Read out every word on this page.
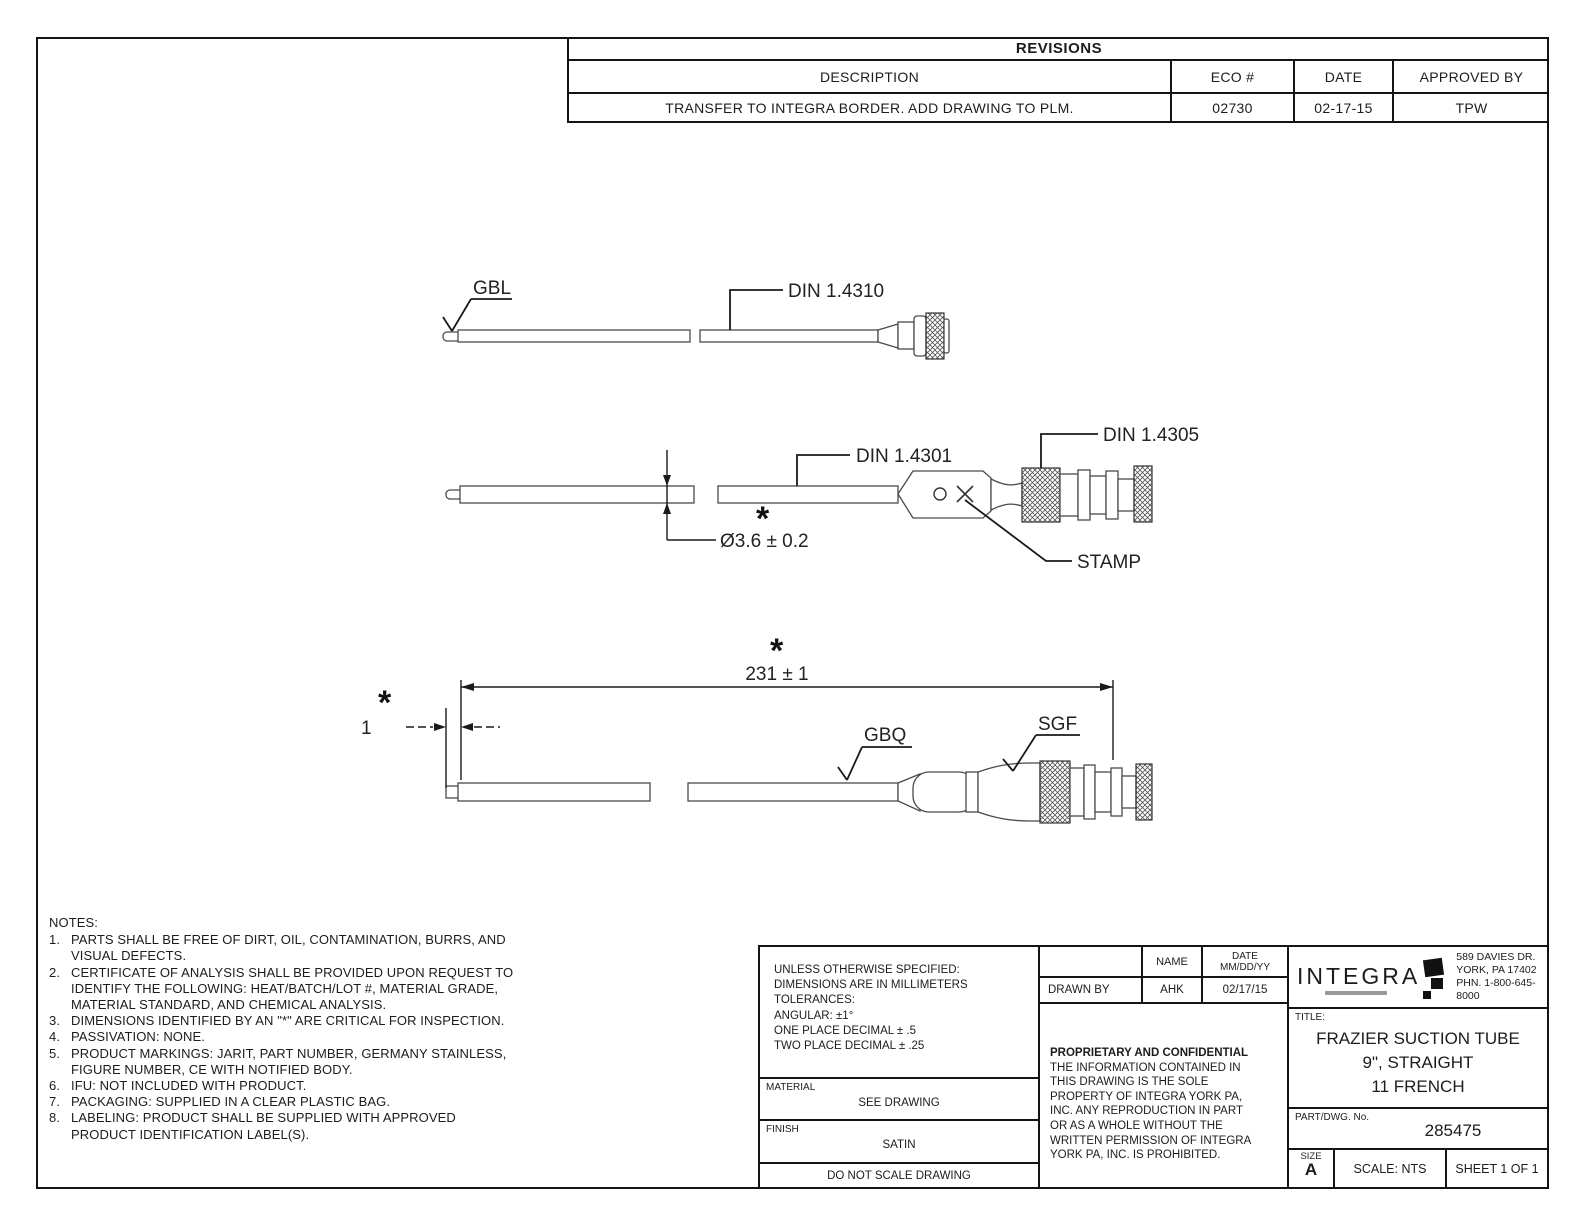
GBL	DIN 1.4310
DIN 1.4301
DIN 1.4305
STAMP
Ø3.6 ± 0.2
*
231 ± 1
*
1
*
GBQ
SGF
REVISIONS
DESCRIPTION	ECO #	DATE	APPROVED BY
TRANSFER TO INTEGRA BORDER. ADD DRAWING TO PLM.	02730	02-17-15	TPW
NOTES:
1. PARTS SHALL BE FREE OF DIRT, OIL, CONTAMINATION, BURRS, AND VISUAL DEFECTS.
2. CERTIFICATE OF ANALYSIS SHALL BE PROVIDED UPON REQUEST TO IDENTIFY THE FOLLOWING: HEAT/BATCH/LOT #, MATERIAL GRADE, MATERIAL STANDARD, AND CHEMICAL ANALYSIS.
3. DIMENSIONS IDENTIFIED BY AN "*" ARE CRITICAL FOR INSPECTION.
4. PASSIVATION: NONE.
5. PRODUCT MARKINGS: JARIT, PART NUMBER, GERMANY STAINLESS, FIGURE NUMBER, CE WITH NOTIFIED BODY.
6. IFU: NOT INCLUDED WITH PRODUCT.
7. PACKAGING: SUPPLIED IN A CLEAR PLASTIC BAG.
8. LABELING: PRODUCT SHALL BE SUPPLIED WITH APPROVED PRODUCT IDENTIFICATION LABEL(S).
UNLESS OTHERWISE SPECIFIED:
DIMENSIONS ARE IN MILLIMETERS
TOLERANCES:
ANGULAR: ±1°
ONE PLACE DECIMAL ± .5
TWO PLACE DECIMAL ± .25
MATERIAL
SEE DRAWING
FINISH
SATIN
DO NOT SCALE DRAWING
NAME	DATE
MM/DD/YY
DRAWN BY	AHK	02/17/15
PROPRIETARY AND CONFIDENTIAL
THE INFORMATION CONTAINED IN THIS DRAWING IS THE SOLE PROPERTY OF INTEGRA YORK PA, INC. ANY REPRODUCTION IN PART OR AS A WHOLE WITHOUT THE WRITTEN PERMISSION OF INTEGRA YORK PA, INC. IS PROHIBITED.
INTEGRA
589 DAVIES DR.
YORK, PA 17402
PHN. 1-800-645-8000
TITLE:
FRAZIER SUCTION TUBE
9", STRAIGHT
11 FRENCH
PART/DWG. No.
285475
SIZE
A	SCALE: NTS	SHEET 1 OF 1
